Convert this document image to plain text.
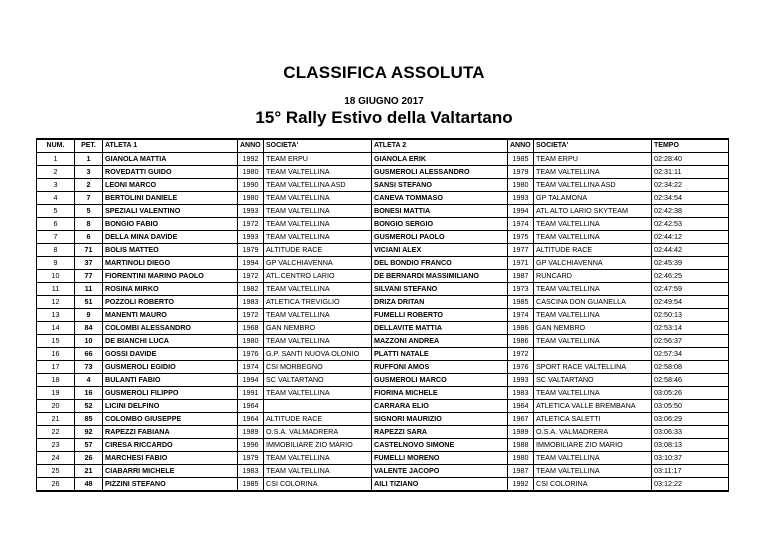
CLASSIFICA ASSOLUTA
18 GIUGNO 2017
15° Rally Estivo della Valtartano
NUM.	PET.	ATLETA 1	ANNO	SOCIETA'	ATLETA 2	ANNO	SOCIETA'	TEMPO
1	1	GIANOLA MATTIA	1992	TEAM ERPU	GIANOLA ERIK	1985	TEAM ERPU	02:28:40
2	3	ROVEDATTI GUIDO	1980	TEAM VALTELLINA	GUSMEROLI ALESSANDRO	1979	TEAM VALTELLINA	02:31:11
3	2	LEONI MARCO	1990	TEAM VALTELLINA ASD	SANSI STEFANO	1980	TEAM VALTELLINA ASD	02:34:22
4	7	BERTOLINI DANIELE	1980	TEAM VALTELLINA	CANEVA TOMMASO	1993	GP TALAMONA	02:34:54
5	5	SPEZIALI VALENTINO	1993	TEAM VALTELLINA	BONESI MATTIA	1994	ATL ALTO LARIO SKYTEAM	02:42:38
6	8	BONGIO FABIO	1972	TEAM VALTELLINA	BONGIO SERGIO	1974	TEAM VALTELLINA	02:42:53
7	6	DELLA MINA DAVIDE	1993	TEAM VALTELLINA	GUSMEROLI PAOLO	1975	TEAM VALTELLINA	02:44:12
8	71	BOLIS MATTEO	1979	ALTITUDE RACE	VICIANI ALEX	1977	ALTITUDE RACE	02:44:42
9	37	MARTINOLI DIEGO	1994	GP VALCHIAVENNA	DEL BONDIO FRANCO	1971	GP VALCHIAVENNA	02:45:39
10	77	FIORENTINI MARINO PAOLO	1972	ATL.CENTRO LARIO	DE BERNARDI MASSIMILIANO	1987	RUNCARD	02:46:25
11	11	ROSINA MIRKO	1982	TEAM VALTELLINA	SILVANI STEFANO	1973	TEAM VALTELLINA	02:47:59
12	51	POZZOLI ROBERTO	1983	ATLETICA TREVIGLIO	DRIZA DRITAN	1985	CASCINA DON GUANELLA	02:49:54
13	9	MANENTI MAURO	1972	TEAM VALTELLINA	FUMELLI ROBERTO	1974	TEAM VALTELLINA	02:50:13
14	84	COLOMBI ALESSANDRO	1968	GAN NEMBRO	DELLAVITE MATTIA	1986	GAN NEMBRO	02:53:14
15	10	DE BIANCHI LUCA	1980	TEAM VALTELLINA	MAZZONI ANDREA	1986	TEAM VALTELLINA	02:56:37
16	66	GOSSI DAVIDE	1976	G.P. SANTI NUOVA OLONIO	PLATTI NATALE	1972		02:57:34
17	73	GUSMEROLI EGIDIO	1974	CSI MORBEGNO	RUFFONI AMOS	1976	SPORT RACE VALTELLINA	02:58:08
18	4	BULANTI FABIO	1994	SC VALTARTANO	GUSMEROLI MARCO	1993	SC VALTARTANO	02:58:46
19	16	GUSMEROLI FILIPPO	1991	TEAM VALTELLINA	FIORINA MICHELE	1983	TEAM VALTELLINA	03:05:26
20	52	LICINI DELFINO	1964		CARRARA ELIO	1964	ATLETICA VALLE BREMBANA	03:05:50
21	85	COLOMBO GIUSEPPE	1964	ALTITUDE RACE	SIGNORI MAURIZIO	1967	ATLETICA SALETTI	03:06:29
22	92	RAPEZZI FABIANA	1989	O.S.A. VALMADRERA	RAPEZZI SARA	1989	O.S.A. VALMADRERA	03:06:33
23	57	CIRESA RICCARDO	1996	IMMOBILIARE ZIO MARIO	CASTELNOVO SIMONE	1988	IMMOBILIARE ZIO MARIO	03:08:13
24	26	MARCHESI FABIO	1979	TEAM VALTELLINA	FUMELLI MORENO	1980	TEAM VALTELLINA	03:10:37
25	21	CIABARRI MICHELE	1983	TEAM VALTELLINA	VALENTE JACOPO	1987	TEAM VALTELLINA	03:11:17
26	48	PIZZINI STEFANO	1985	CSI COLORINA	AILI TIZIANO	1992	CSI COLORINA	03:12:22
